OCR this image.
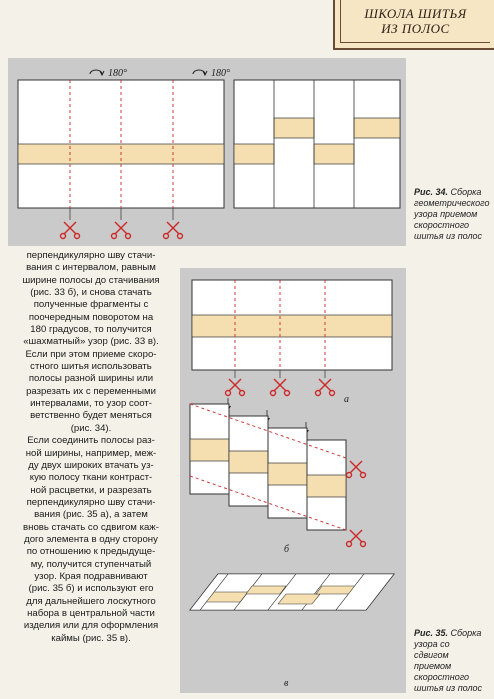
ШКОЛА ШИТЬЯ
ИЗ ПОЛОС
180°	180°
Рис. 34. Сборка
геометрического
узора приемом
скоростного
шитья из полос

перпендикулярно шву стачи-

вания с интервалом, равным

ширине полосы до стачивания

(рис. 33 б), и снова стачать

полученные фрагменты с

поочередным поворотом на

180 градусов, то получится

«шахматный» узор (рис. 33 в).

Если при этом приеме скоро-

стного шитья использовать

полосы разной ширины или

разрезать их с переменными

интервалами, то узор соот-

ветственно будет меняться

(рис. 34).

Если соединить полосы раз-

ной ширины, например, меж-

ду двух широких втачать уз-

кую полосу ткани контраст-

ной расцветки, и разрезать

перпендикулярно шву стачи-

вания (рис. 35 а), а затем

вновь стачать со сдвигом каж-

дого элемента в одну сторону

по отношению к предыдуще-

му, получится ступенчатый

узор. Края подравнивают

(рис. 35 б) и используют его

для дальнейшего лоскутного

набора в центральной части

изделия или для оформления

каймы (рис. 35 в).

а
б
в
Рис. 35. Сборка
узора со
сдвигом
приемом
скоростного
шитья из полос
